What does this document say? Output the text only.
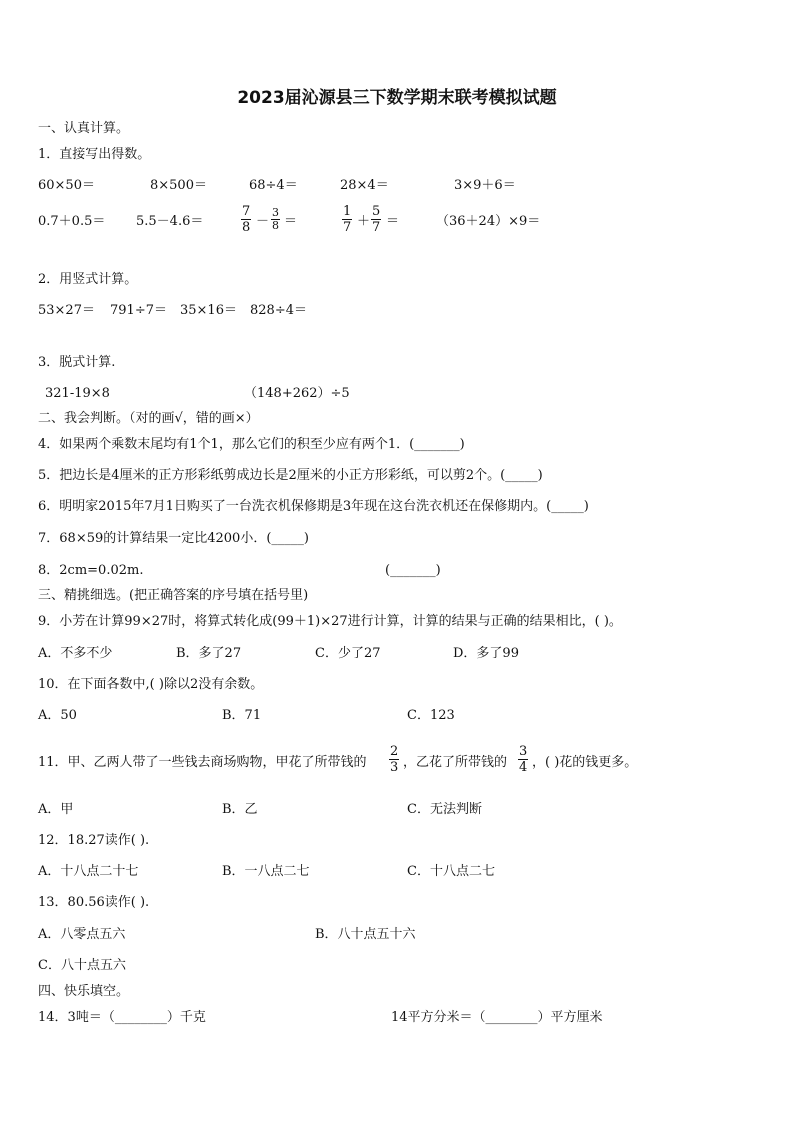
2023届沁源县三下数学期末联考模拟试题
一、认真计算。
1．直接写出得数。
60×50＝	8×500＝	68÷4＝	28×4＝	3×9＋6＝
0.7＋0.5＝ 5.5－4.6＝	$\frac{7}{8} - \frac{3}{8}$ ＝	$\frac{1}{7} + \frac{5}{7}$ ＝	（36＋24）×9＝
2．用竖式计算。
53×27＝ 791÷7＝ 35×16＝ 828÷4＝
3．脱式计算.
321-19×8	（148+262）÷5
二、我会判断。（对的画√，错的画×）
4．如果两个乘数末尾均有1个1，那么它们的积至少应有两个1．(_______)
5．把边长是4厘米的正方形彩纸剪成边长是2厘米的小正方形彩纸，可以剪2个。(_____)
6．明明家2015年7月1日购买了一台洗衣机保修期是3年现在这台洗衣机还在保修期内。(_____)
7．68×59的计算结果一定比4200小．(_____)
8．2cm=0.02m.	(_______)
三、精挑细选。(把正确答案的序号填在括号里)
9．小芳在计算99×27时，将算式转化成(99＋1)×27进行计算，计算的结果与正确的结果相比，( )。
A．不多不少	B．多了27	C．少了27	D．多了99
10．在下面各数中,( )除以2没有余数。
A．50	B．71	C．123
11．甲、乙两人带了一些钱去商场购物，甲花了所带钱的 $\frac{2}{3}$ ，乙花了所带钱的 $\frac{3}{4}$ ，( )花的钱更多。
A．甲	B．乙	C．无法判断
12．18.27读作( ).
A．十八点二十七	B．一八点二七	C．十八点二七
13．80.56读作( ).
A．八零点五六	B．八十点五十六
C．八十点五六
四、快乐填空。
14．3吨＝（________）千克	14平方分米＝（________）平方厘米
